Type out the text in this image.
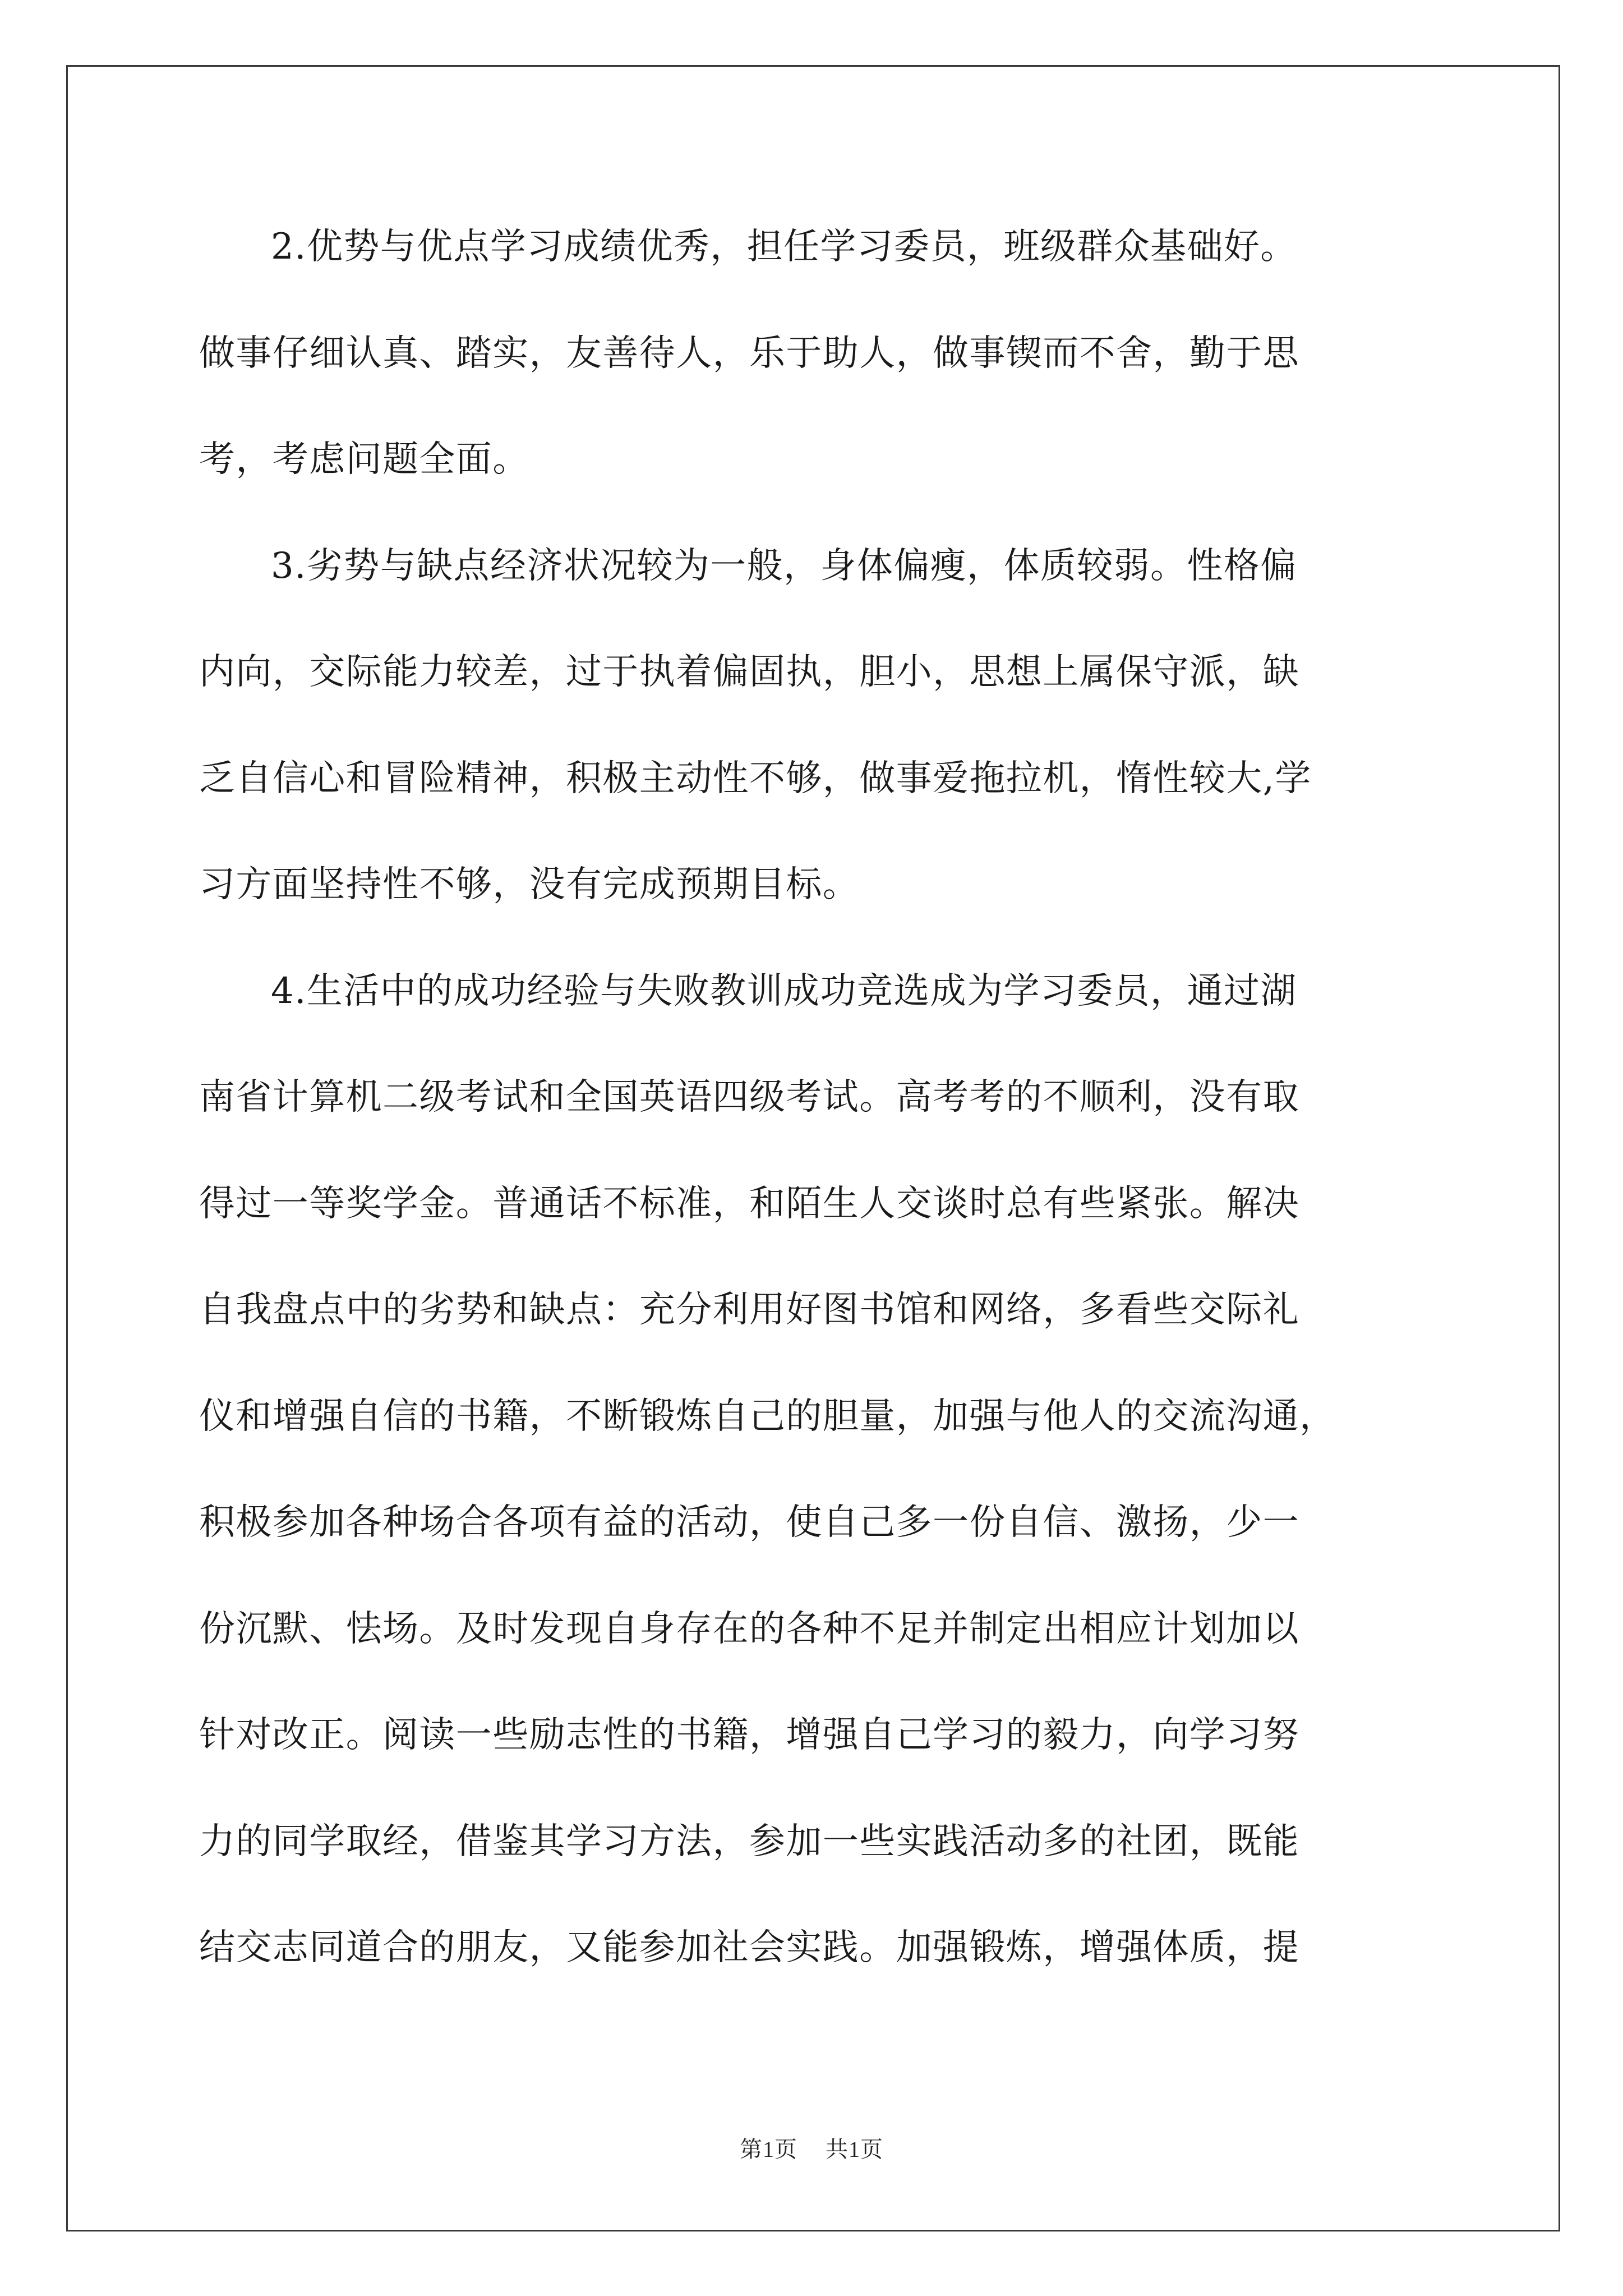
2.优势与优点学习成绩优秀，担任学习委员，班级群众基础好。
做事仔细认真、踏实，友善待人，乐于助人，做事锲而不舍，勤于思
考，考虑问题全面。
3.劣势与缺点经济状况较为一般，身体偏瘦，体质较弱。性格偏
内向，交际能力较差，过于执着偏固执，胆小，思想上属保守派，缺
乏自信心和冒险精神，积极主动性不够，做事爱拖拉机，惰性较大,学
习方面坚持性不够，没有完成预期目标。
4.生活中的成功经验与失败教训成功竞选成为学习委员，通过湖
南省计算机二级考试和全国英语四级考试。高考考的不顺利，没有取
得过一等奖学金。普通话不标准，和陌生人交谈时总有些紧张。解决
自我盘点中的劣势和缺点：充分利用好图书馆和网络，多看些交际礼
仪和增强自信的书籍，不断锻炼自己的胆量，加强与他人的交流沟通，
积极参加各种场合各项有益的活动，使自己多一份自信、激扬，少一
份沉默、怯场。及时发现自身存在的各种不足并制定出相应计划加以
针对改正。阅读一些励志性的书籍，增强自己学习的毅力，向学习努
力的同学取经，借鉴其学习方法，参加一些实践活动多的社团，既能
结交志同道合的朋友，又能参加社会实践。加强锻炼，增强体质，提
第1页 共1页
